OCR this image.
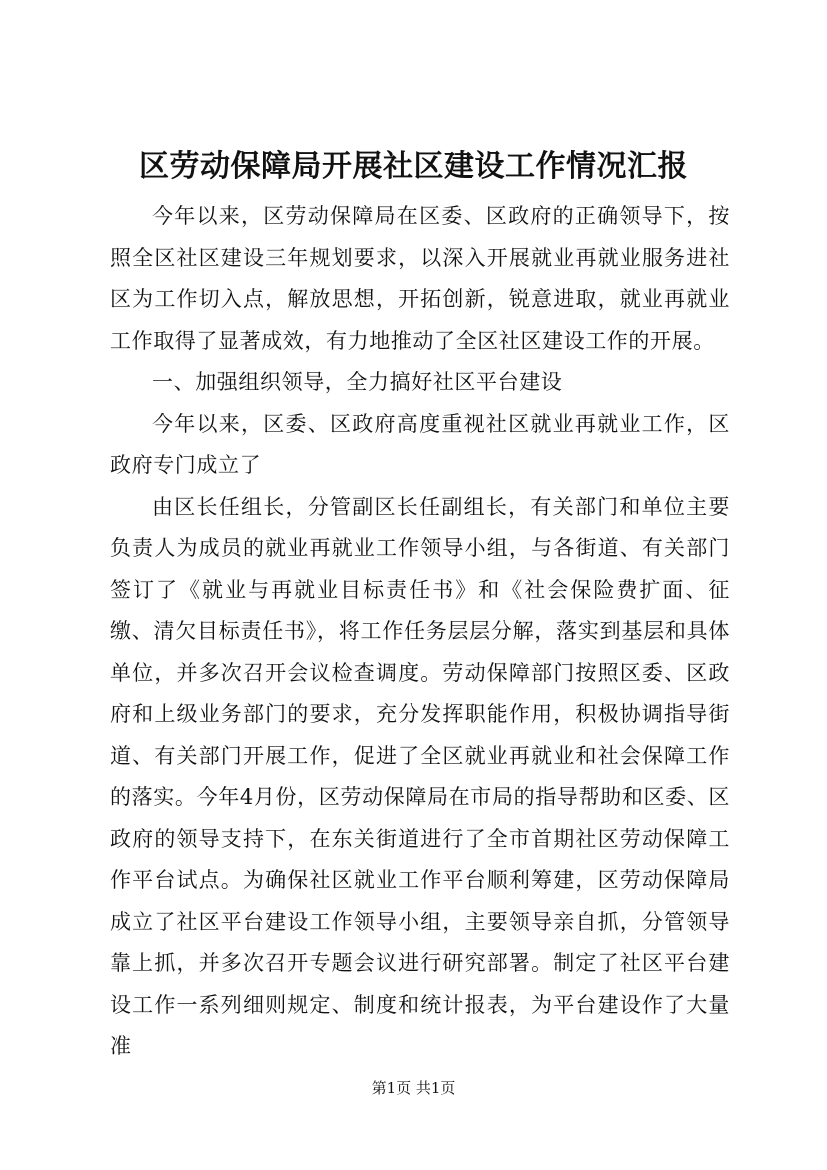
区劳动保障局开展社区建设工作情况汇报

今年以来，区劳动保障局在区委、区政府的正确领导下，按照全区社区建设三年规划要求，以深入开展就业再就业服务进社区为工作切入点，解放思想，开拓创新，锐意进取，就业再就业工作取得了显著成效，有力地推动了全区社区建设工作的开展。

一、加强组织领导，全力搞好社区平台建设

今年以来，区委、区政府高度重视社区就业再就业工作，区政府专门成立了

由区长任组长，分管副区长任副组长，有关部门和单位主要负责人为成员的就业再就业工作领导小组，与各街道、有关部门签订了《就业与再就业目标责任书》和《社会保险费扩面、征缴、清欠目标责任书》，将工作任务层层分解，落实到基层和具体单位，并多次召开会议检查调度。劳动保障部门按照区委、区政府和上级业务部门的要求，充分发挥职能作用，积极协调指导街道、有关部门开展工作，促进了全区就业再就业和社会保障工作的落实。今年4月份，区劳动保障局在市局的指导帮助和区委、区政府的领导支持下，在东关街道进行了全市首期社区劳动保障工作平台试点。为确保社区就业工作平台顺利筹建，区劳动保障局成立了社区平台建设工作领导小组，主要领导亲自抓，分管领导靠上抓，并多次召开专题会议进行研究部署。制定了社区平台建设工作一系列细则规定、制度和统计报表，为平台建设作了大量准

第1页 共1页
